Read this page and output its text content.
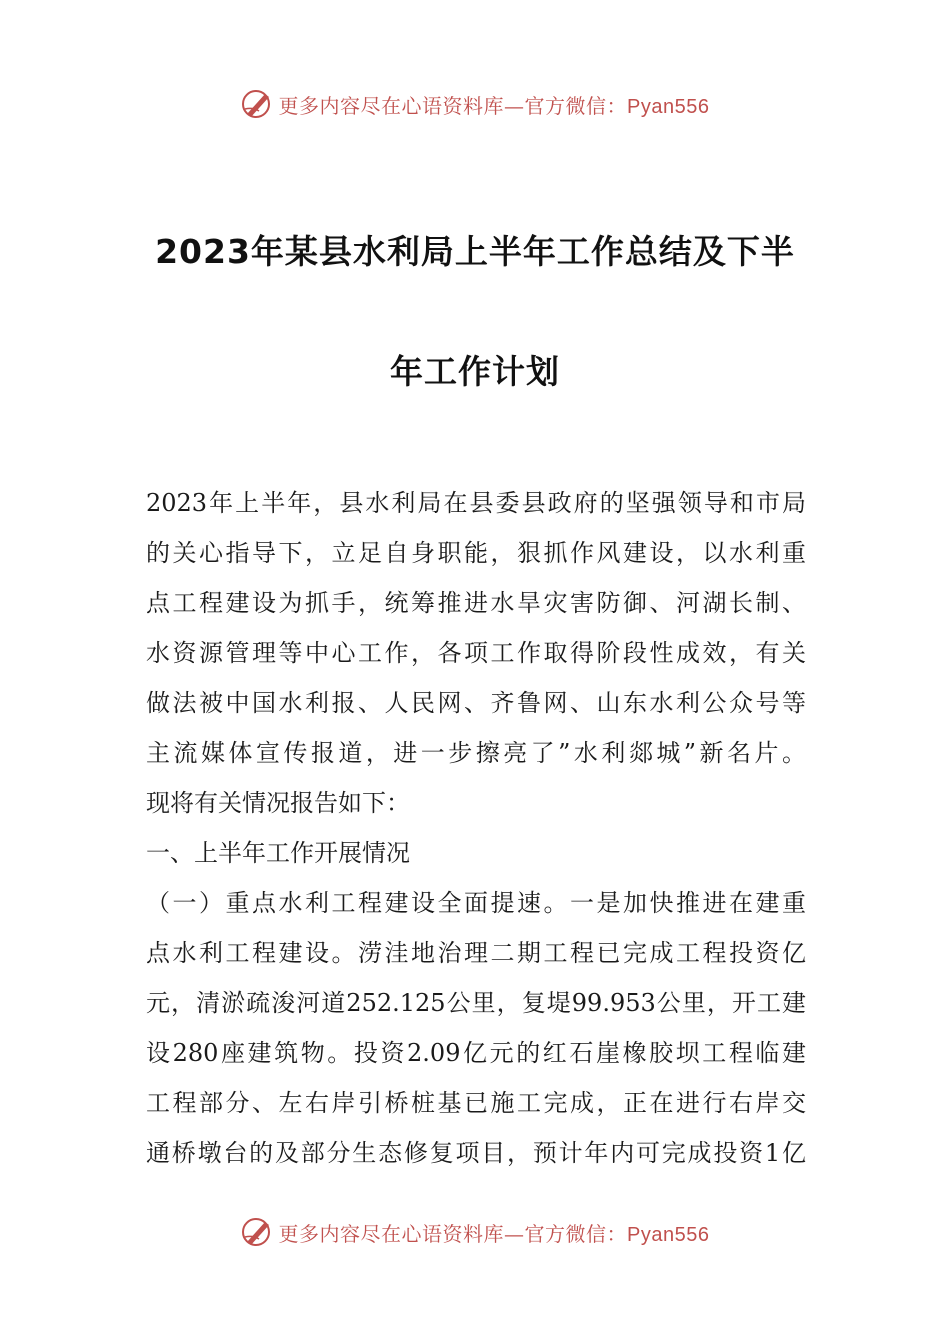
更多内容尽在心语资料库—官方微信：Pyan556
2023年某县水利局上半年工作总结及下半
年工作计划
2023年上半年，县水利局在县委县政府的坚强领导和市局
的关心指导下，立足自身职能，狠抓作风建设，以水利重
点工程建设为抓手，统筹推进水旱灾害防御、河湖长制、
水资源管理等中心工作，各项工作取得阶段性成效，有关
做法被中国水利报、人民网、齐鲁网、山东水利公众号等
主流媒体宣传报道，进一步擦亮了”水利郯城”新名片。
现将有关情况报告如下：
一、上半年工作开展情况
（一）重点水利工程建设全面提速。一是加快推进在建重
点水利工程建设。涝洼地治理二期工程已完成工程投资亿
元，清淤疏浚河道252.125公里，复堤99.953公里，开工建
设280座建筑物。投资2.09亿元的红石崖橡胶坝工程临建
工程部分、左右岸引桥桩基已施工完成，正在进行右岸交
通桥墩台的及部分生态修复项目，预计年内可完成投资1亿
更多内容尽在心语资料库—官方微信：Pyan556
